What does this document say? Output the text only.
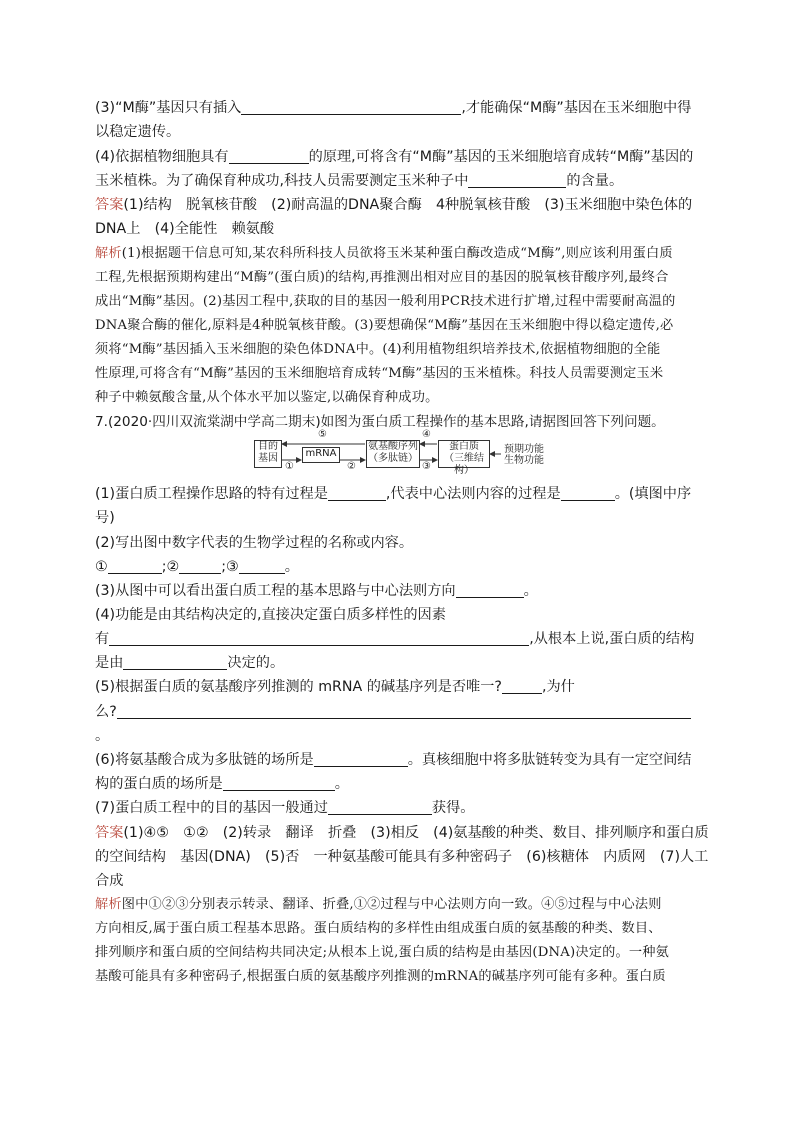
(3)“M酶”基因只有插入	,才能确保“M酶”基因在玉米细胞中得
以稳定遗传。
(4)依据植物细胞具有	的原理,可将含有“M酶”基因的玉米细胞培育成转“M酶”基因的
玉米植株。为了确保育种成功,科技人员需要测定玉米种子中	的含量。
答案(1)结构　脱氧核苷酸　(2)耐高温的DNA聚合酶　4种脱氧核苷酸　(3)玉米细胞中染色体的
DNA上　(4)全能性　赖氨酸
解析(1)根据题干信息可知,某农科所科技人员欲将玉米某种蛋白酶改造成“M酶”,则应该利用蛋白质
工程,先根据预期构建出“M酶”(蛋白质)的结构,再推测出相对应目的基因的脱氧核苷酸序列,最终合
成出“M酶”基因。(2)基因工程中,获取的目的基因一般利用PCR技术进行扩增,过程中需要耐高温的
DNA聚合酶的催化,原料是4种脱氧核苷酸。(3)要想确保“M酶”基因在玉米细胞中得以稳定遗传,必
须将“M酶”基因插入玉米细胞的染色体DNA中。(4)利用植物组织培养技术,依据植物细胞的全能
性原理,可将含有“M酶”基因的玉米细胞培育成转“M酶”基因的玉米植株。科技人员需要测定玉米
种子中赖氨酸含量,从个体水平加以鉴定,以确保育种成功。
7.(2020·四川双流棠湖中学高二期末)如图为蛋白质工程操作的基本思路,请据图回答下列问题。
目的
基因	mRNA
氨基酸序列
（多肽链）
蛋白质
（三维结构）
①	②	③
④
⑤
预期功能
生物功能
(1)蛋白质工程操作思路的特有过程是	,代表中心法则内容的过程是	。(填图中序
号)
(2)写出图中数字代表的生物学过程的名称或内容。
①	;②	;③	。
(3)从图中可以看出蛋白质工程的基本思路与中心法则方向	。
(4)功能是由其结构决定的,直接决定蛋白质多样性的因素
有	,从根本上说,蛋白质的结构
是由	决定的。
(5)根据蛋白质的氨基酸序列推测的 mRNA 的碱基序列是否唯一?	,为什
么?
。
(6)将氨基酸合成为多肽链的场所是	。真核细胞中将多肽链转变为具有一定空间结
构的蛋白质的场所是	。
(7)蛋白质工程中的目的基因一般通过	获得。
答案(1)④⑤　①②　(2)转录　翻译　折叠　(3)相反　(4)氨基酸的种类、数目、排列顺序和蛋白质
的空间结构　基因(DNA)　(5)否　一种氨基酸可能具有多种密码子　(6)核糖体　内质网　(7)人工
合成
解析图中①②③分别表示转录、翻译、折叠,①②过程与中心法则方向一致。④⑤过程与中心法则
方向相反,属于蛋白质工程基本思路。蛋白质结构的多样性由组成蛋白质的氨基酸的种类、数目、
排列顺序和蛋白质的空间结构共同决定;从根本上说,蛋白质的结构是由基因(DNA)决定的。一种氨
基酸可能具有多种密码子,根据蛋白质的氨基酸序列推测的mRNA的碱基序列可能有多种。蛋白质
